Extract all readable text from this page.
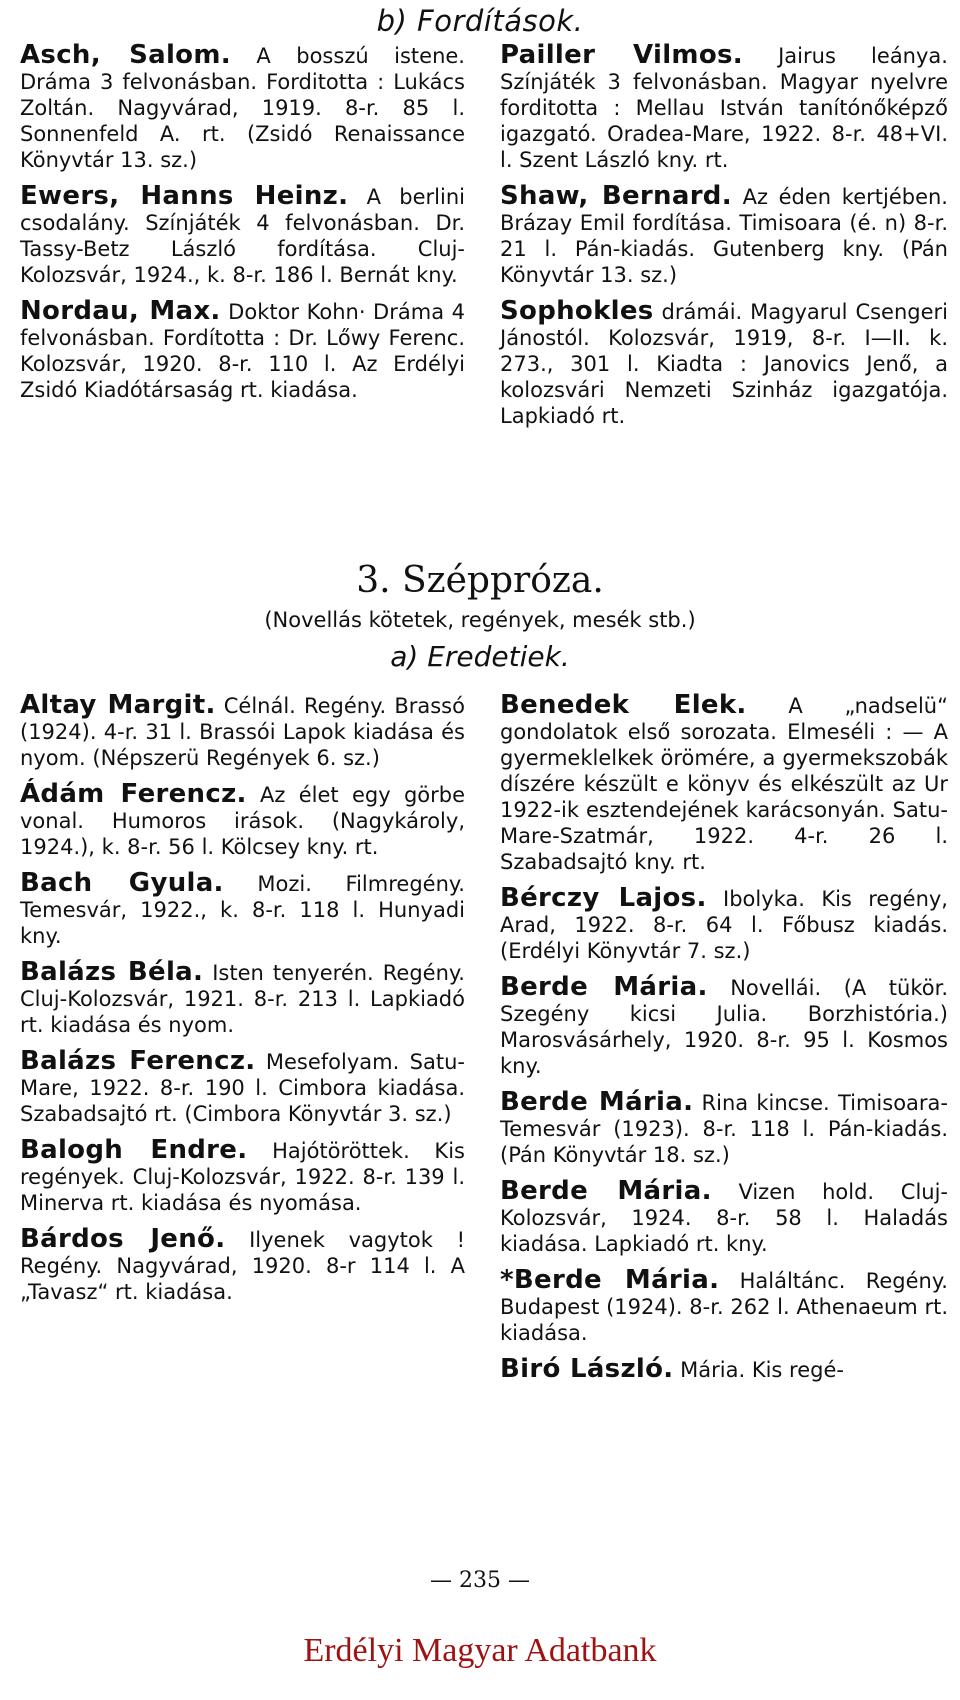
b) Fordítások.
Asch, Salom. A bosszú istene. Dráma 3 felvonásban. Forditotta : Lukács Zoltán. Nagyvárad, 1919. 8-r. 85 l. Sonnenfeld A. rt. (Zsidó Renaissance Könyvtár 13. sz.)
Ewers, Hanns Heinz. A berlini csodalány. Színjáték 4 felvonásban. Dr. Tassy-Betz László fordítása. Cluj-Kolozsvár, 1924., k. 8-r. 186 l. Bernát kny.
Nordau, Max. Doktor Kohn· Dráma 4 felvonásban. Fordította : Dr. Lőwy Ferenc. Kolozsvár, 1920. 8-r. 110 l. Az Erdélyi Zsidó Kiadótársaság rt. kiadása.
Pailler Vilmos. Jairus leánya. Színjáték 3 felvonásban. Magyar nyelvre forditotta : Mellau István tanítónőképző igazgató. Oradea-Mare, 1922. 8-r. 48+VI. l. Szent László kny. rt.
Shaw, Bernard. Az éden kertjében. Brázay Emil fordítása. Timisoara (é. n) 8-r. 21 l. Pán-kiadás. Gutenberg kny. (Pán Könyvtár 13. sz.)
Sophokles drámái. Magyarul Csengeri Jánostól. Kolozsvár, 1919, 8-r. I—II. k. 273., 301 l. Kiadta : Janovics Jenő, a kolozsvári Nemzeti Szinház igazgatója. Lapkiadó rt.
3. Széppróza.
(Novellás kötetek, regények, mesék stb.)
a) Eredetiek.
Altay Margit. Célnál. Regény. Brassó (1924). 4-r. 31 l. Brassói Lapok kiadása és nyom. (Népszerü Regények 6. sz.)
Ádám Ferencz. Az élet egy görbe vonal. Humoros irások. (Nagykároly, 1924.), k. 8-r. 56 l. Kölcsey kny. rt.
Bach Gyula. Mozi. Filmregény. Temesvár, 1922., k. 8-r. 118 l. Hunyadi kny.
Balázs Béla. Isten tenyerén. Regény. Cluj-Kolozsvár, 1921. 8-r. 213 l. Lapkiadó rt. kiadása és nyom.
Balázs Ferencz. Mesefolyam. Satu-Mare, 1922. 8-r. 190 l. Cimbora kiadása. Szabadsajtó rt. (Cimbora Könyvtár 3. sz.)
Balogh Endre. Hajótöröttek. Kis regények. Cluj-Kolozsvár, 1922. 8-r. 139 l. Minerva rt. kiadása és nyomása.
Bárdos Jenő. Ilyenek vagytok ! Regény. Nagyvárad, 1920. 8-r 114 l. A „Tavasz“ rt. kiadása.
Benedek Elek. A „nadselü“ gondolatok első sorozata. Elmeséli : — A gyermeklelkek örömére, a gyermekszobák díszére készült e könyv és elkészült az Ur 1922-ik esztendejének karácsonyán. Satu-Mare-Szatmár, 1922. 4-r. 26 l. Szabadsajtó kny. rt.
Bérczy Lajos. Ibolyka. Kis regény, Arad, 1922. 8-r. 64 l. Főbusz kiadás. (Erdélyi Könyvtár 7. sz.)
Berde Mária. Novellái. (A tükör. Szegény kicsi Julia. Borzhistória.) Marosvásárhely, 1920. 8-r. 95 l. Kosmos kny.
Berde Mária. Rina kincse. Timisoara-Temesvár (1923). 8-r. 118 l. Pán-kiadás. (Pán Könyvtár 18. sz.)
Berde Mária. Vizen hold. Cluj-Kolozsvár, 1924. 8-r. 58 l. Haladás kiadása. Lapkiadó rt. kny.
*Berde Mária. Haláltánc. Regény. Budapest (1924). 8-r. 262 l. Athenaeum rt. kiadása.
Biró László. Mária. Kis regé-
— 235 —
Erdélyi Magyar Adatbank
